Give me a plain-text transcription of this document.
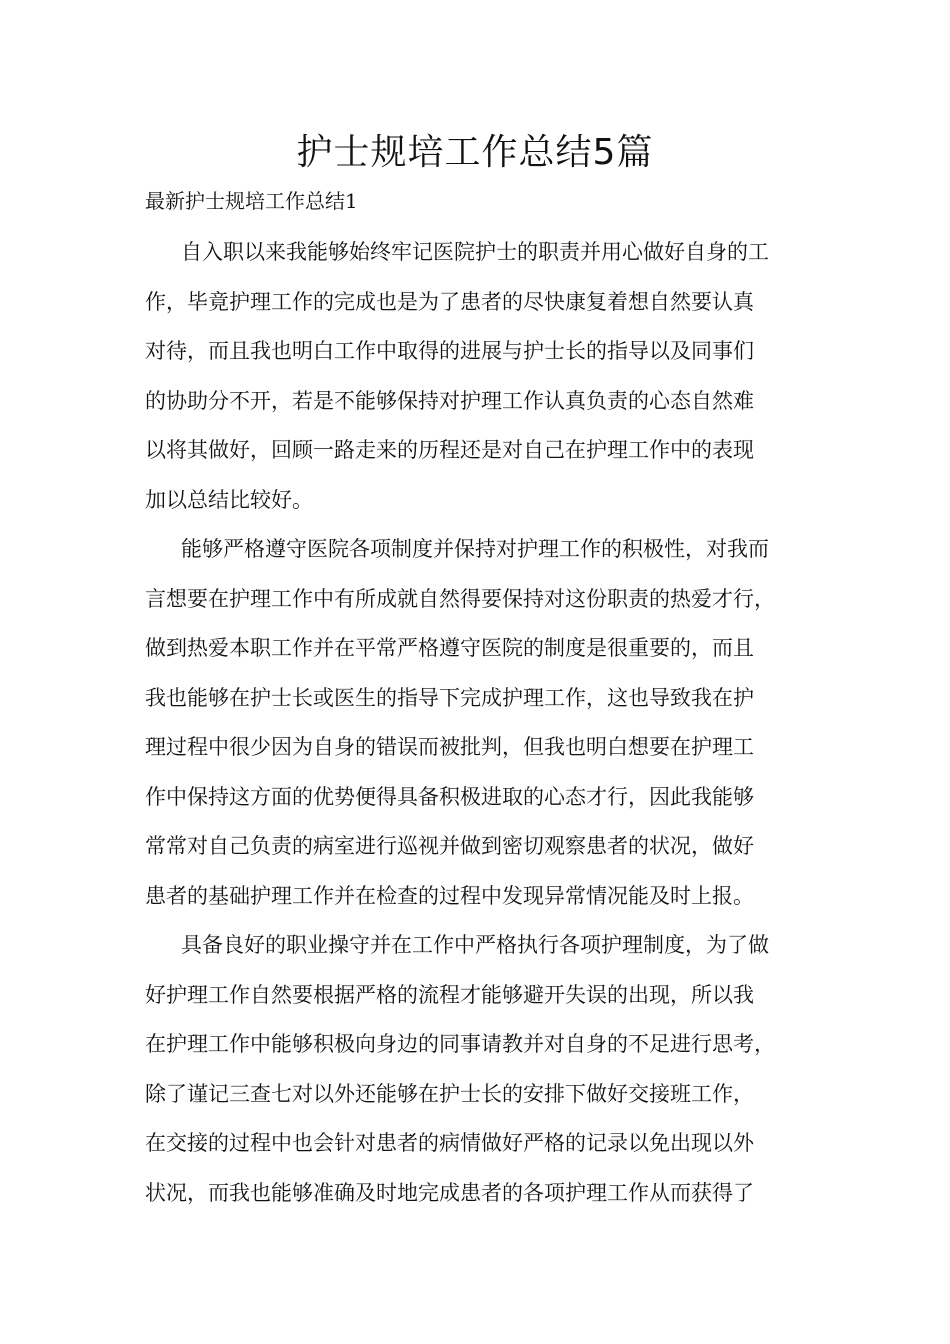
护士规培工作总结5篇

最新护士规培工作总结1

自入职以来我能够始终牢记医院护士的职责并用心做好自身的工
作，毕竟护理工作的完成也是为了患者的尽快康复着想自然要认真
对待，而且我也明白工作中取得的进展与护士长的指导以及同事们
的协助分不开，若是不能够保持对护理工作认真负责的心态自然难
以将其做好，回顾一路走来的历程还是对自己在护理工作中的表现
加以总结比较好。

能够严格遵守医院各项制度并保持对护理工作的积极性，对我而
言想要在护理工作中有所成就自然得要保持对这份职责的热爱才行，
做到热爱本职工作并在平常严格遵守医院的制度是很重要的，而且
我也能够在护士长或医生的指导下完成护理工作，这也导致我在护
理过程中很少因为自身的错误而被批判，但我也明白想要在护理工
作中保持这方面的优势便得具备积极进取的心态才行，因此我能够
常常对自己负责的病室进行巡视并做到密切观察患者的状况，做好
患者的基础护理工作并在检查的过程中发现异常情况能及时上报。

具备良好的职业操守并在工作中严格执行各项护理制度，为了做
好护理工作自然要根据严格的流程才能够避开失误的出现，所以我
在护理工作中能够积极向身边的同事请教并对自身的不足进行思考，
除了谨记三查七对以外还能够在护士长的安排下做好交接班工作，
在交接的过程中也会针对患者的病情做好严格的记录以免出现以外
状况，而我也能够准确及时地完成患者的各项护理工作从而获得了
